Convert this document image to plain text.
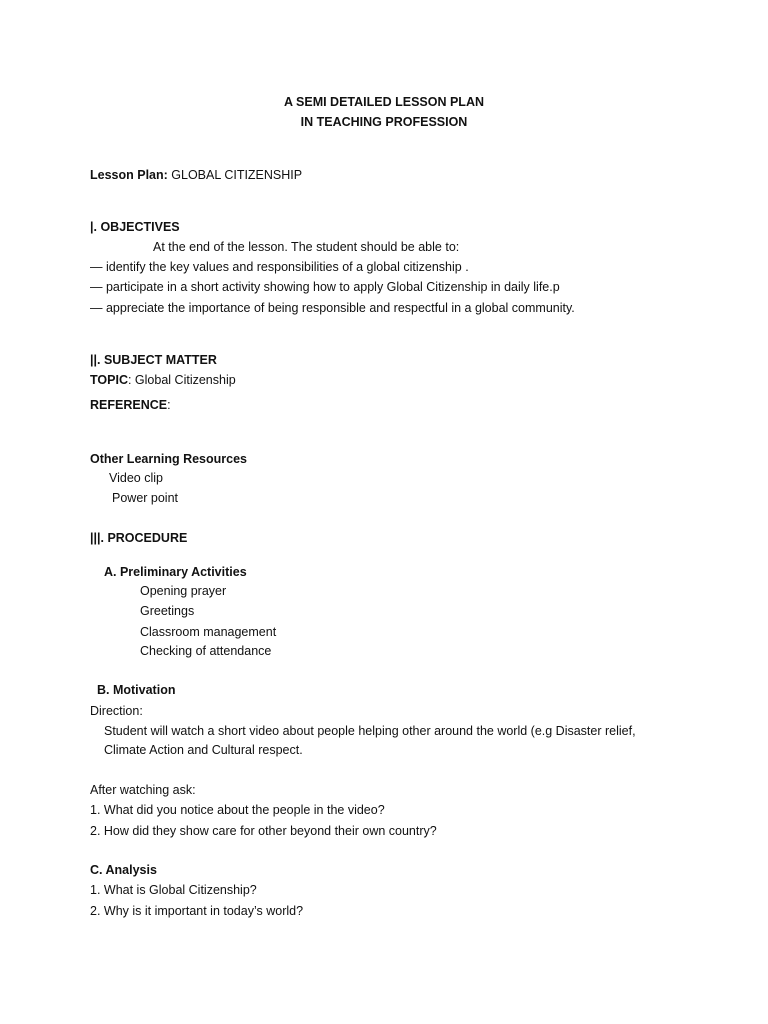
A SEMI DETAILED LESSON PLAN
IN TEACHING PROFESSION
Lesson Plan: GLOBAL CITIZENSHIP
|. OBJECTIVES
At the end of the lesson. The student should be able to:
— identify the key values and responsibilities of a global citizenship .
— participate in a short activity showing how to apply Global Citizenship in daily life.p
— appreciate the importance of being responsible and respectful in a global community.
||. SUBJECT MATTER
TOPIC: Global Citizenship
REFERENCE:
Other Learning Resources
Video clip
Power point
|||. PROCEDURE
A. Preliminary Activities
Opening prayer
Greetings
Classroom management
Checking of attendance
B. Motivation
Direction:
Student will watch a short video about people helping other around the world (e.g Disaster relief,
Climate Action and Cultural respect.
After watching ask:
1. What did you notice about the people in the video?
2. How did they show care for other beyond their own country?
C. Analysis
1. What is Global Citizenship?
2. Why is it important in today’s world?
